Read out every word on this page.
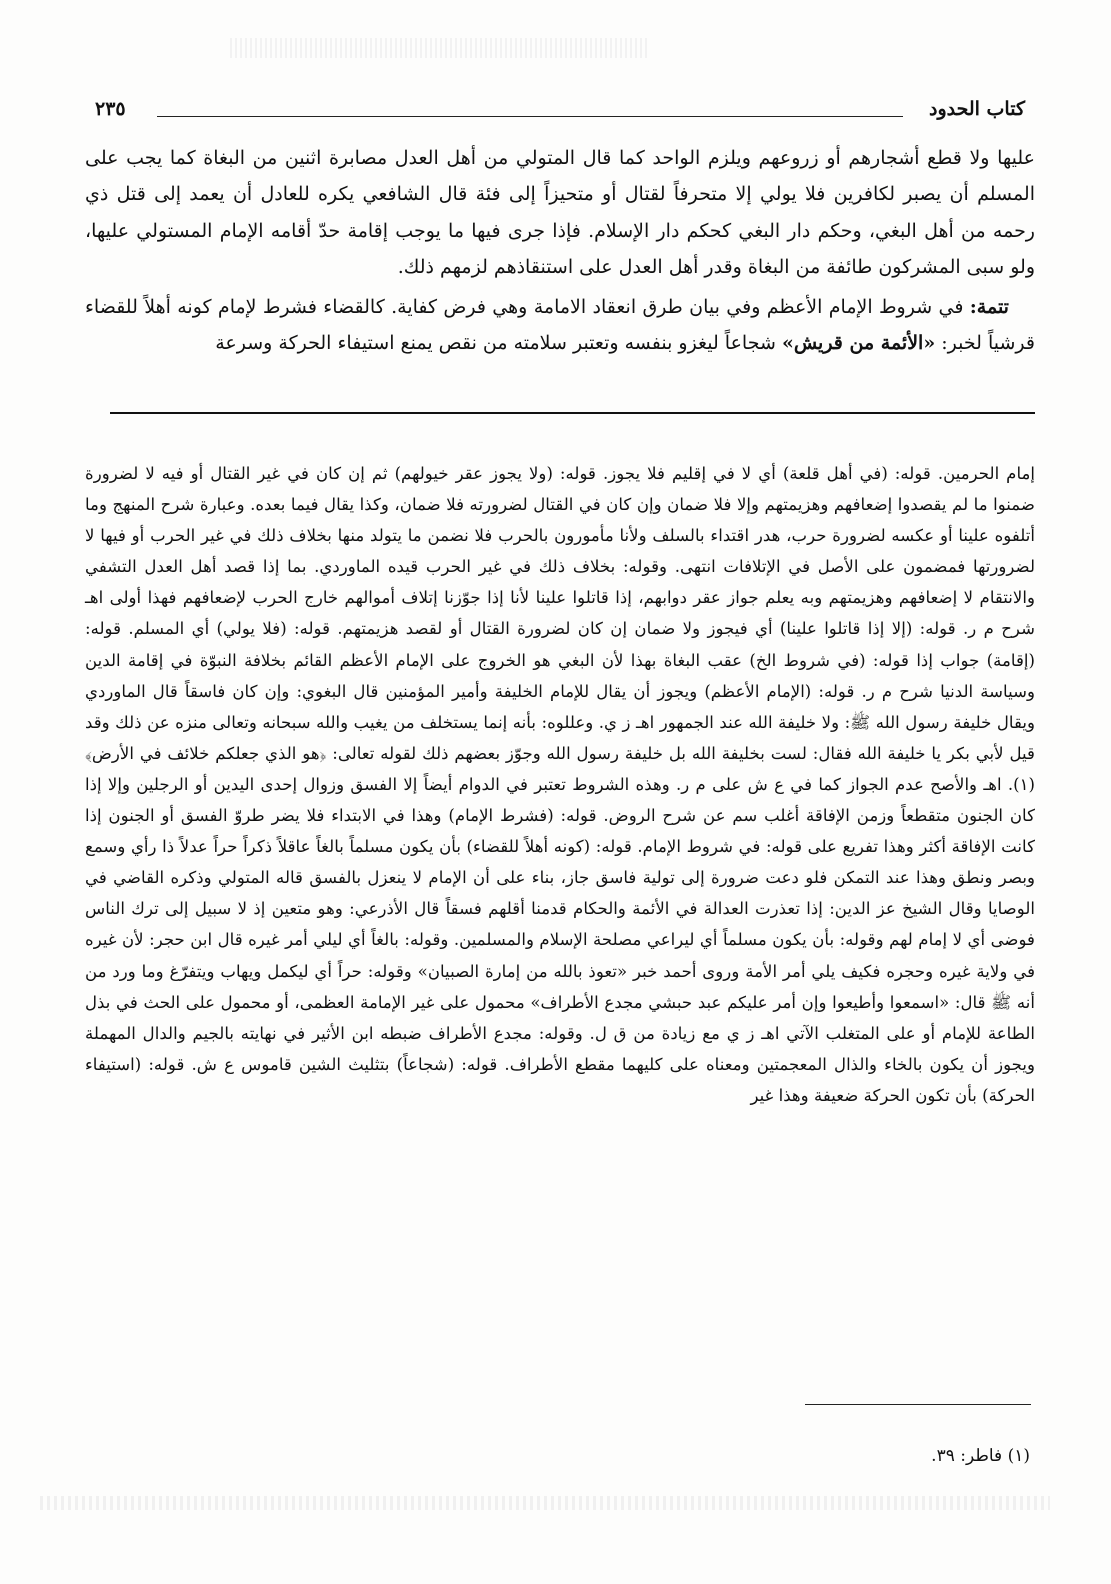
كتاب الحدود
٢٣٥

عليها ولا قطع أشجارهم أو زروعهم ويلزم الواحد كما قال المتولي من أهل العدل مصابرة اثنين من البغاة كما يجب على المسلم أن يصبر لكافرين فلا يولي إلا متحرفاً لقتال أو متحيزاً إلى فئة قال الشافعي يكره للعادل أن يعمد إلى قتل ذي رحمه من أهل البغي، وحكم دار البغي كحكم دار الإسلام. فإذا جرى فيها ما يوجب إقامة حدّ أقامه الإمام المستولي عليها، ولو سبى المشركون طائفة من البغاة وقدر أهل العدل على استنقاذهم لزمهم ذلك.

تتمة: في شروط الإمام الأعظم وفي بيان طرق انعقاد الامامة وهي فرض كفاية. كالقضاء فشرط لإمام كونه أهلاً للقضاء قرشياً لخبر: «الأئمة من قريش» شجاعاً ليغزو بنفسه وتعتبر سلامته من نقص يمنع استيفاء الحركة وسرعة

إمام الحرمين. قوله: (في أهل قلعة) أي لا في إقليم فلا يجوز. قوله: (ولا يجوز عقر خيولهم) ثم إن كان في غير القتال أو فيه لا لضرورة ضمنوا ما لم يقصدوا إضعافهم وهزيمتهم وإلا فلا ضمان وإن كان في القتال لضرورته فلا ضمان، وكذا يقال فيما بعده. وعبارة شرح المنهج وما أتلفوه علينا أو عكسه لضرورة حرب، هدر اقتداء بالسلف ولأنا مأمورون بالحرب فلا نضمن ما يتولد منها بخلاف ذلك في غير الحرب أو فيها لا لضرورتها فمضمون على الأصل في الإتلافات انتهى. وقوله: بخلاف ذلك في غير الحرب قيده الماوردي. بما إذا قصد أهل العدل التشفي والانتقام لا إضعافهم وهزيمتهم وبه يعلم جواز عقر دوابهم، إذا قاتلوا علينا لأنا إذا جوّزنا إتلاف أموالهم خارج الحرب لإضعافهم فهذا أولى اهـ شرح م ر. قوله: (إلا إذا قاتلوا علينا) أي فيجوز ولا ضمان إن كان لضرورة القتال أو لقصد هزيمتهم. قوله: (فلا يولي) أي المسلم. قوله: (إقامة) جواب إذا قوله: (في شروط الخ) عقب البغاة بهذا لأن البغي هو الخروج على الإمام الأعظم القائم بخلافة النبوّة في إقامة الدين وسياسة الدنيا شرح م ر. قوله: (الإمام الأعظم) ويجوز أن يقال للإمام الخليفة وأمير المؤمنين قال البغوي: وإن كان فاسقاً قال الماوردي ويقال خليفة رسول الله ﷺ: ولا خليفة الله عند الجمهور اهـ ز ي. وعللوه: بأنه إنما يستخلف من يغيب والله سبحانه وتعالى منزه عن ذلك وقد قيل لأبي بكر يا خليفة الله فقال: لست بخليفة الله بل خليفة رسول الله وجوّز بعضهم ذلك لقوله تعالى: ﴿هو الذي جعلكم خلائف في الأرض﴾(١). اهـ والأصح عدم الجواز كما في ع ش على م ر. وهذه الشروط تعتبر في الدوام أيضاً إلا الفسق وزوال إحدى اليدين أو الرجلين وإلا إذا كان الجنون متقطعاً وزمن الإفاقة أغلب سم عن شرح الروض. قوله: (فشرط الإمام) وهذا في الابتداء فلا يضر طروّ الفسق أو الجنون إذا كانت الإفاقة أكثر وهذا تفريع على قوله: في شروط الإمام. قوله: (كونه أهلاً للقضاء) بأن يكون مسلماً بالغاً عاقلاً ذكراً حراً عدلاً ذا رأي وسمع وبصر ونطق وهذا عند التمكن فلو دعت ضرورة إلى تولية فاسق جاز، بناء على أن الإمام لا ينعزل بالفسق قاله المتولي وذكره القاضي في الوصايا وقال الشيخ عز الدين: إذا تعذرت العدالة في الأئمة والحكام قدمنا أقلهم فسقاً قال الأذرعي: وهو متعين إذ لا سبيل إلى ترك الناس فوضى أي لا إمام لهم وقوله: بأن يكون مسلماً أي ليراعي مصلحة الإسلام والمسلمين. وقوله: بالغاً أي ليلي أمر غيره قال ابن حجر: لأن غيره في ولاية غيره وحجره فكيف يلي أمر الأمة وروى أحمد خبر «تعوذ بالله من إمارة الصبيان» وقوله: حراً أي ليكمل ويهاب ويتفرّغ وما ورد من أنه ﷺ قال: «اسمعوا وأطيعوا وإن أمر عليكم عبد حبشي مجدع الأطراف» محمول على غير الإمامة العظمى، أو محمول على الحث في بذل الطاعة للإمام أو على المتغلب الآتي اهـ ز ي مع زيادة من ق ل. وقوله: مجدع الأطراف ضبطه ابن الأثير في نهايته بالجيم والدال المهملة ويجوز أن يكون بالخاء والذال المعجمتين ومعناه على كليهما مقطع الأطراف. قوله: (شجاعاً) بتثليث الشين قاموس ع ش. قوله: (استيفاء الحركة) بأن تكون الحركة ضعيفة وهذا غير

(١) فاطر: ٣٩.
